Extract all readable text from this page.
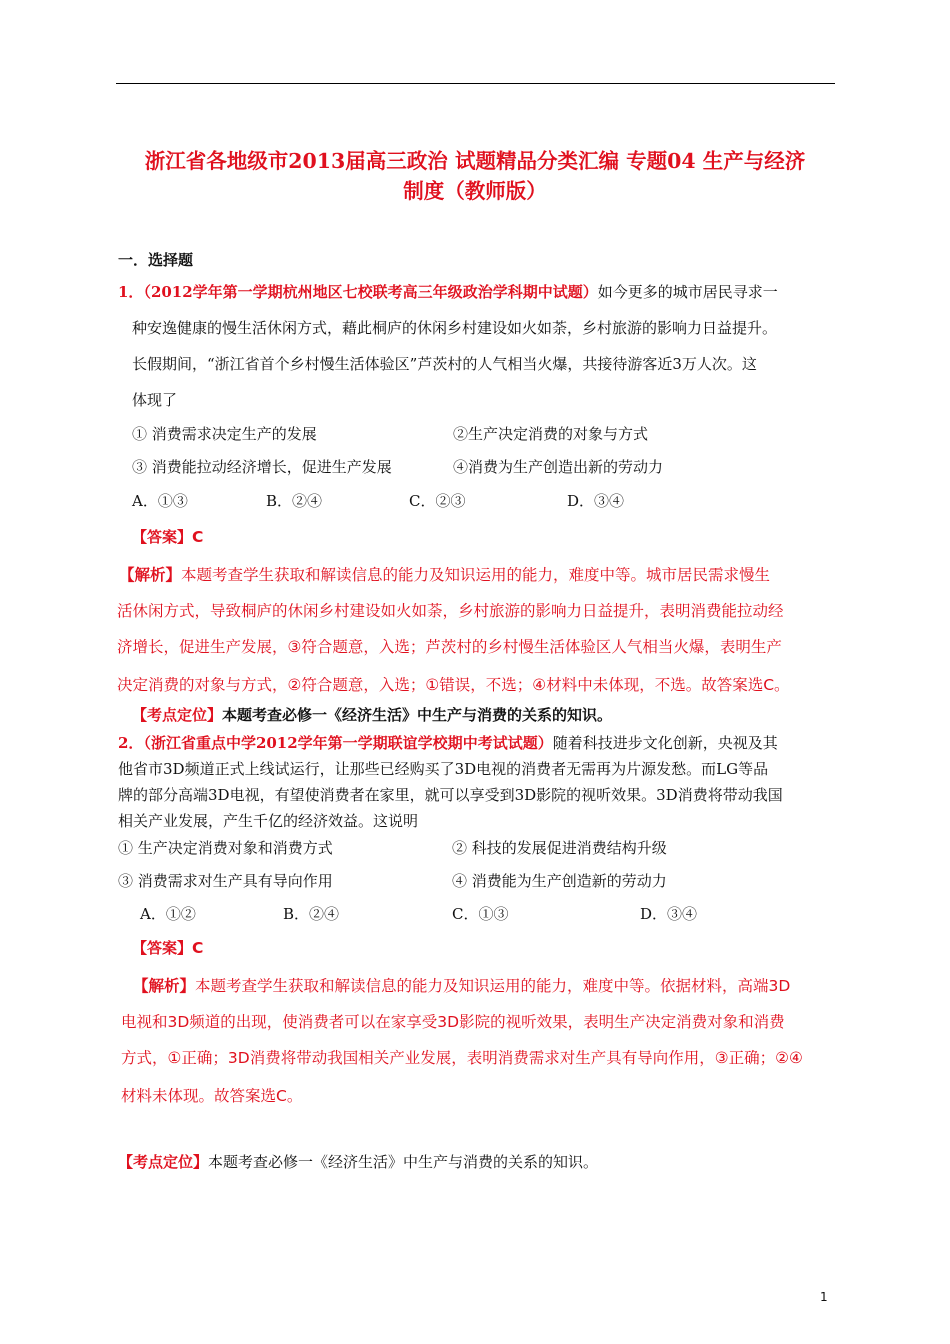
浙江省各地级市2013届高三政治 试题精品分类汇编 专题04 生产与经济
制度（教师版）
一．选择题
1．（2012学年第一学期杭州地区七校联考高三年级政治学科期中试题）如今更多的城市居民寻求一
种安逸健康的慢生活休闲方式，藉此桐庐的休闲乡村建设如火如荼，乡村旅游的影响力日益提升。
长假期间，“浙江省首个乡村慢生活体验区”芦茨村的人气相当火爆，共接待游客近3万人次。这
体现了
① 消费需求决定生产的发展	②生产决定消费的对象与方式
③ 消费能拉动经济增长，促进生产发展	④消费为生产创造出新的劳动力
A．①③	B．②④	C．②③	D．③④
【答案】C
【解析】本题考查学生获取和解读信息的能力及知识运用的能力，难度中等。城市居民需求慢生
活休闲方式，导致桐庐的休闲乡村建设如火如荼，乡村旅游的影响力日益提升，表明消费能拉动经
济增长，促进生产发展，③符合题意，入选；芦茨村的乡村慢生活体验区人气相当火爆，表明生产
决定消费的对象与方式，②符合题意，入选；①错误，不选；④材料中未体现，不选。故答案选C。
【考点定位】本题考查必修一《经济生活》中生产与消费的关系的知识。
2．（浙江省重点中学2012学年第一学期联谊学校期中考试试题）随着科技进步文化创新，央视及其
他省市3D频道正式上线试运行，让那些已经购买了3D电视的消费者无需再为片源发愁。而LG等品
牌的部分高端3D电视，有望使消费者在家里，就可以享受到3D影院的视听效果。3D消费将带动我国
相关产业发展，产生千亿的经济效益。这说明
① 生产决定消费对象和消费方式	② 科技的发展促进消费结构升级
③ 消费需求对生产具有导向作用	④ 消费能为生产创造新的劳动力
A．①②	B．②④	C．①③	D．③④
【答案】C
【解析】本题考查学生获取和解读信息的能力及知识运用的能力，难度中等。依据材料，高端3D
电视和3D频道的出现，使消费者可以在家享受3D影院的视听效果，表明生产决定消费对象和消费
方式，①正确；3D消费将带动我国相关产业发展，表明消费需求对生产具有导向作用，③正确；②④
材料未体现。故答案选C。
【考点定位】本题考查必修一《经济生活》中生产与消费的关系的知识。
1
